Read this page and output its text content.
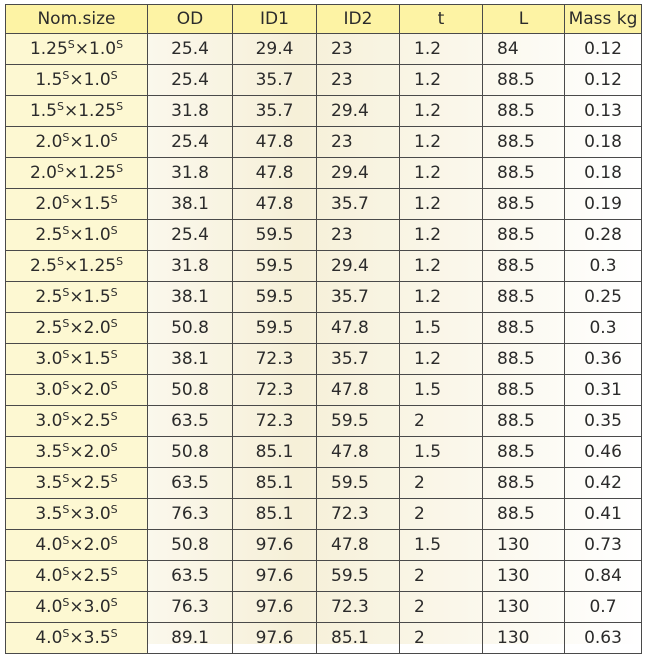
Nom.size	OD	ID1	ID2	t	L	Mass kg
$1.25^S\times 1.0^S$	25.4	29.4	23	1.2	84	0.12
$1.5^S\times 1.0^S$	25.4	35.7	23	1.2	88.5	0.12
$1.5^S\times 1.25^S$	31.8	35.7	29.4	1.2	88.5	0.13
$2.0^S\times 1.0^S$	25.4	47.8	23	1.2	88.5	0.18
$2.0^S\times 1.25^S$	31.8	47.8	29.4	1.2	88.5	0.18
$2.0^S\times 1.5^S$	38.1	47.8	35.7	1.2	88.5	0.19
$2.5^S\times 1.0^S$	25.4	59.5	23	1.2	88.5	0.28
$2.5^S\times 1.25^S$	31.8	59.5	29.4	1.2	88.5	0.3
$2.5^S\times 1.5^S$	38.1	59.5	35.7	1.2	88.5	0.25
$2.5^S\times 2.0^S$	50.8	59.5	47.8	1.5	88.5	0.3
$3.0^S\times 1.5^S$	38.1	72.3	35.7	1.2	88.5	0.36
$3.0^S\times 2.0^S$	50.8	72.3	47.8	1.5	88.5	0.31
$3.0^S\times 2.5^S$	63.5	72.3	59.5	2	88.5	0.35
$3.5^S\times 2.0^S$	50.8	85.1	47.8	1.5	88.5	0.46
$3.5^S\times 2.5^S$	63.5	85.1	59.5	2	88.5	0.42
$3.5^S\times 3.0^S$	76.3	85.1	72.3	2	88.5	0.41
$4.0^S\times 2.0^S$	50.8	97.6	47.8	1.5	130	0.73
$4.0^S\times 2.5^S$	63.5	97.6	59.5	2	130	0.84
$4.0^S\times 3.0^S$	76.3	97.6	72.3	2	130	0.7
$4.0^S\times 3.5^S$	89.1	97.6	85.1	2	130	0.63
